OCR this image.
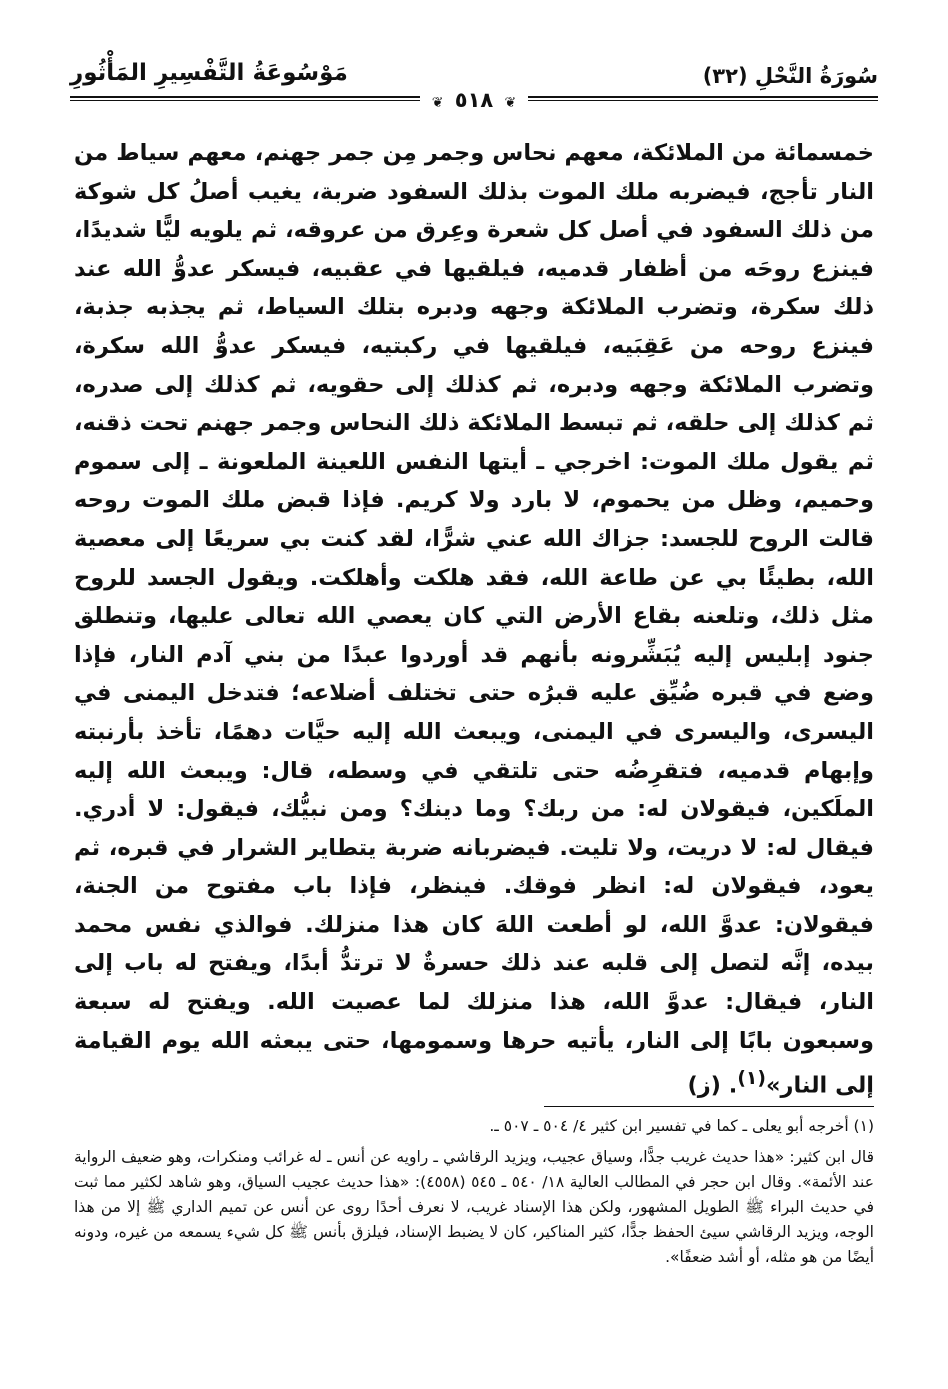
سُورَةُ النَّحْلِ (٣٢)
مَوْسُوعَةُ التَّفْسِيرِ المَأْثُورِ
❦ ٥١٨ ❦

خمسمائة من الملائكة، معهم نحاس وجمر مِن جمر جهنم، معهم سياط من النار تأجج، فيضربه ملك الموت بذلك السفود ضربة، يغيب أصلُ كل شوكة من ذلك السفود في أصل كل شعرة وعِرق من عروقه، ثم يلويه ليًّا شديدًا، فينزع روحَه من أظفار قدميه، فيلقيها في عقبيه، فيسكر عدوُّ الله عند ذلك سكرة، وتضرب الملائكة وجهه ودبره بتلك السياط، ثم يجذبه جذبة، فينزع روحه من عَقِبَيه، فيلقيها في ركبتيه، فيسكر عدوُّ الله سكرة، وتضرب الملائكة وجهه ودبره، ثم كذلك إلى حقويه، ثم كذلك إلى صدره، ثم كذلك إلى حلقه، ثم تبسط الملائكة ذلك النحاس وجمر جهنم تحت ذقنه، ثم يقول ملك الموت: اخرجي ـ أيتها النفس اللعينة الملعونة ـ إلى سموم وحميم، وظل من يحموم، لا بارد ولا كريم. فإذا قبض ملك الموت روحه قالت الروح للجسد: جزاك الله عني شرًّا، لقد كنت بي سريعًا إلى معصية الله، بطيئًا بي عن طاعة الله، فقد هلكت وأهلكت. ويقول الجسد للروح مثل ذلك، وتلعنه بقاع الأرض التي كان يعصي الله تعالى عليها، وتنطلق جنود إبليس إليه يُبَشِّرونه بأنهم قد أوردوا عبدًا من بني آدم النار، فإذا وضع في قبره ضُيِّق عليه قبرُه حتى تختلف أضلاعه؛ فتدخل اليمنى في اليسرى، واليسرى في اليمنى، ويبعث الله إليه حيَّات دهمًا، تأخذ بأرنبته وإبهام قدميه، فتقرِضُه حتى تلتقي في وسطه، قال: ويبعث الله إليه الملَكين، فيقولان له: من ربك؟ وما دينك؟ ومن نبيُّك، فيقول: لا أدري. فيقال له: لا دريت، ولا تليت. فيضربانه ضربة يتطاير الشرار في قبره، ثم يعود، فيقولان له: انظر فوقك. فينظر، فإذا باب مفتوح من الجنة، فيقولان: عدوَّ الله، لو أطعت اللهَ كان هذا منزلك. فوالذي نفس محمد بيده، إنَّه لتصل إلى قلبه عند ذلك حسرةٌ لا ترتدُّ أبدًا، ويفتح له باب إلى النار، فيقال: عدوَّ الله، هذا منزلك لما عصيت الله. ويفتح له سبعة وسبعون بابًا إلى النار، يأتيه حرها وسمومها، حتى يبعثه الله يوم القيامة إلى النار»$^{(١)}$. (ز)

(١) أخرجه أبو يعلى ـ كما في تفسير ابن كثير ٤/ ٥٠٤ ـ ٥٠٧ ـ.

قال ابن كثير: «هذا حديث غريب جدًّا، وسياق عجيب، ويزيد الرقاشي ـ راويه عن أنس ـ له غرائب ومنكرات، وهو ضعيف الرواية عند الأئمة». وقال ابن حجر في المطالب العالية ١٨/ ٥٤٠ ـ ٥٤٥ (٤٥٥٨): «هذا حديث عجيب السياق، وهو شاهد لكثير مما ثبت في حديث البراء ﷺ الطويل المشهور، ولكن هذا الإسناد غريب، لا نعرف أحدًا روى عن أنس عن تميم الداري ﷺ إلا من هذا الوجه، ويزيد الرقاشي سيئ الحفظ جدًّا، كثير المناكير، كان لا يضبط الإسناد، فيلزق بأنس ﷺ كل شيء يسمعه من غيره، ودونه أيضًا من هو مثله، أو أشد ضعفًا».
